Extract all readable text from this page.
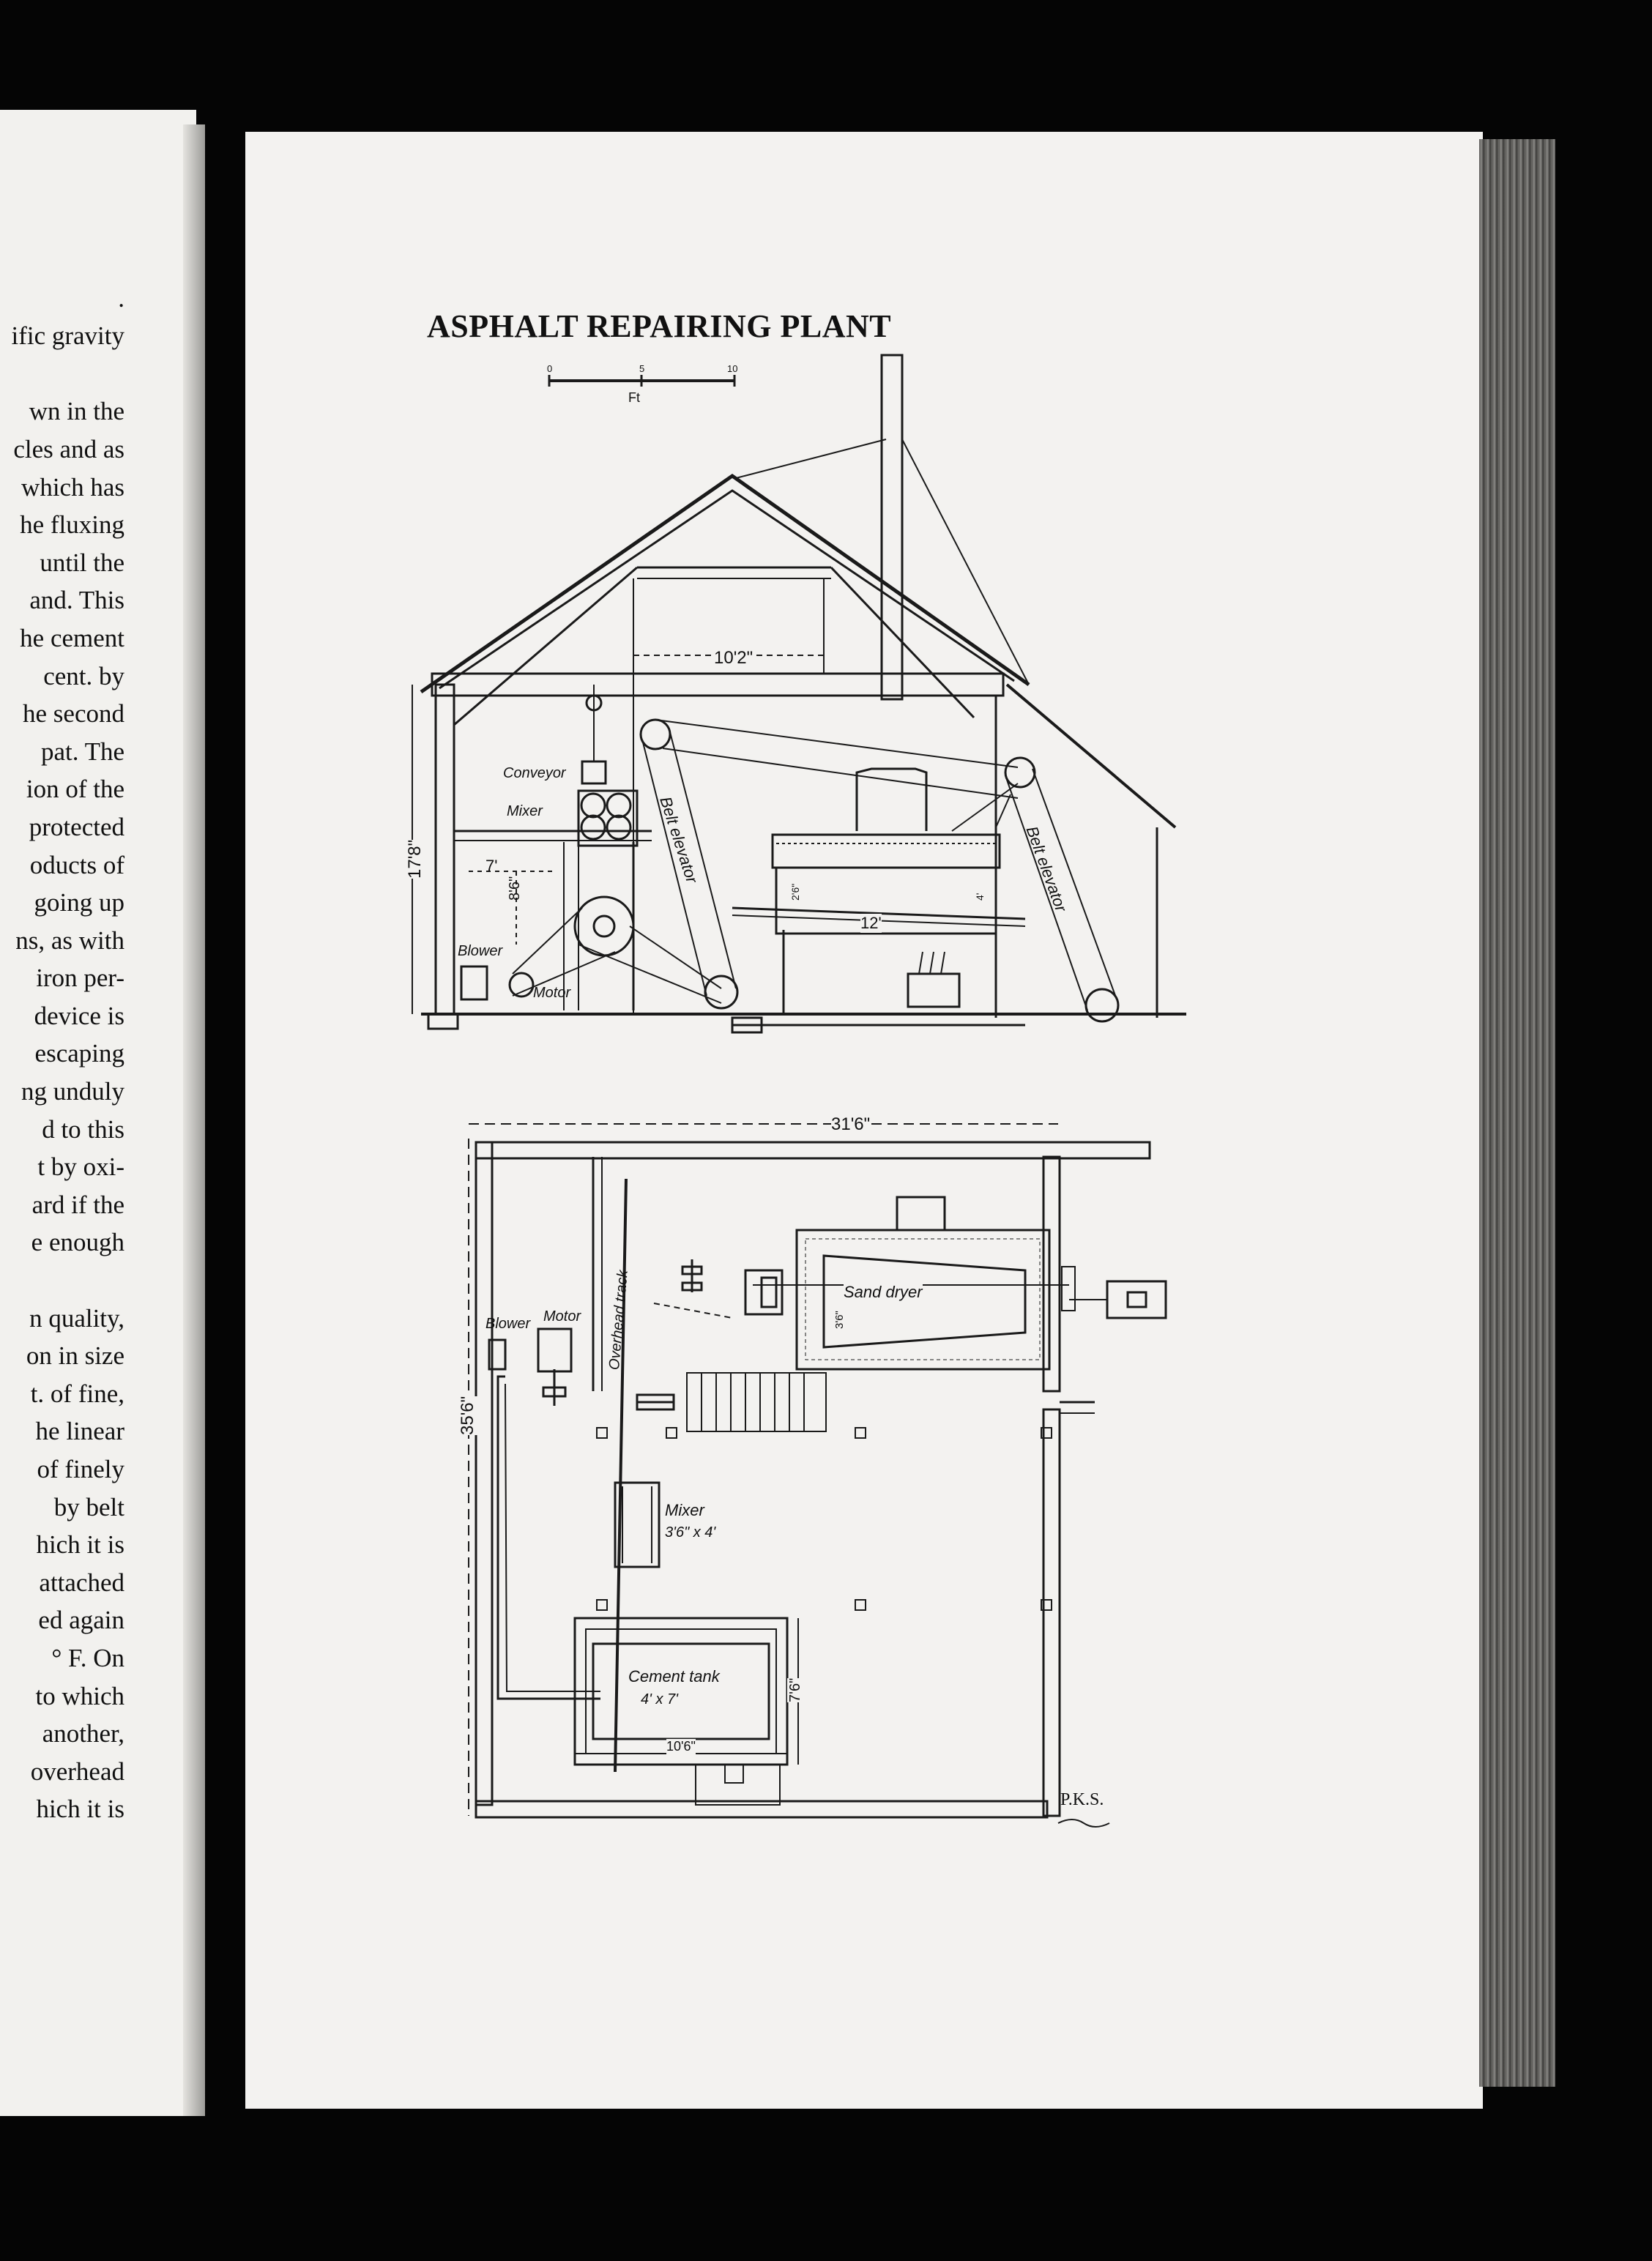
.
ific gravity
wn in the
cles and as
which has
he fluxing
until the
and. This
he cement
cent. by
he second
pat. The
ion of the
protected
oducts of
going up
ns, as with
iron per-
device is
escaping
ng unduly
d to this
t by oxi-
ard if the
e enough
n quality,
on in size
t. of fine,
he linear
of finely
by belt
hich it is
attached
ed again
° F. On
to which
another,
overhead
hich it is
ASPHALT REPAIRING PLANT
0	5	10
Ft
Conveyor
Mixer
Blower
Motor
Belt elevator	Belt elevator
10'2"
17'8"	7'
8'6"
12'
2'6"	4'
31'6"
35'6"
Sand dryer
3'6"
Blower Motor Overhead track
Mixer
3'6" x 4'
Cement tank
4' x 7'
10'6"
7'6"
P.K.S.
